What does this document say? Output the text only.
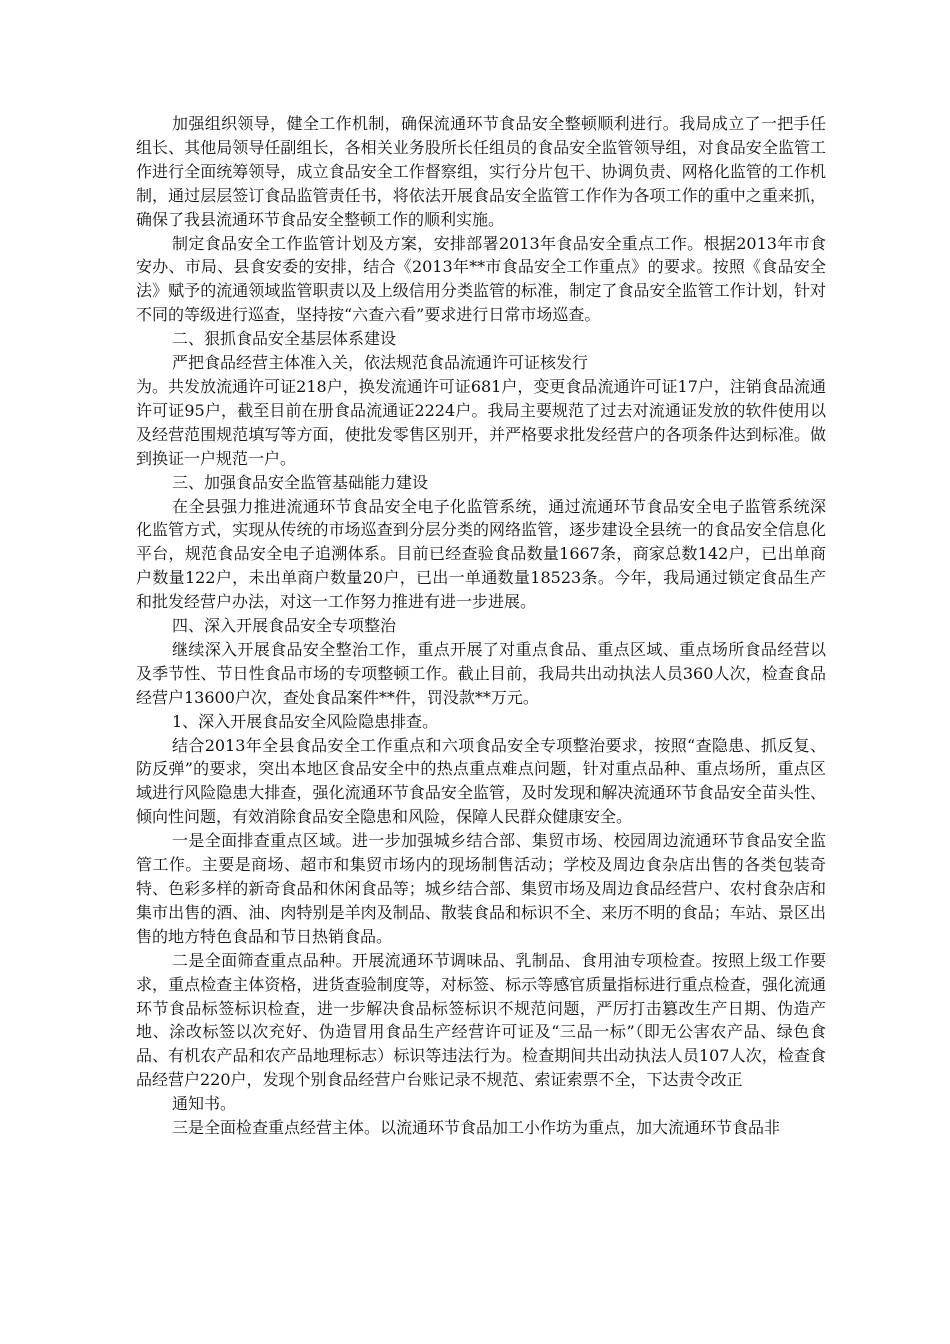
加强组织领导，健全工作机制，确保流通环节食品安全整顿顺利进行。我局成立了一把手任组长、其他局领导任副组长，各相关业务股所长任组员的食品安全监管领导组，对食品安全监管工作进行全面统筹领导，成立食品安全工作督察组，实行分片包干、协调负责、网格化监管的工作机制，通过层层签订食品监管责任书，将依法开展食品安全监管工作作为各项工作的重中之重来抓，确保了我县流通环节食品安全整顿工作的顺利实施。

制定食品安全工作监管计划及方案，安排部署2013年食品安全重点工作。根据2013年市食安办、市局、县食安委的安排，结合《2013年**市食品安全工作重点》的要求。按照《食品安全法》赋予的流通领域监管职责以及上级信用分类监管的标准，制定了食品安全监管工作计划，针对不同的等级进行巡查，坚持按“六查六看”要求进行日常市场巡查。

二、狠抓食品安全基层体系建设

严把食品经营主体准入关，依法规范食品流通许可证核发行

为。共发放流通许可证218户，换发流通许可证681户，变更食品流通许可证17户，注销食品流通许可证95户，截至目前在册食品流通证2224户。我局主要规范了过去对流通证发放的软件使用以及经营范围规范填写等方面，使批发零售区别开，并严格要求批发经营户的各项条件达到标准。做到换证一户规范一户。

三、加强食品安全监管基础能力建设

在全县强力推进流通环节食品安全电子化监管系统，通过流通环节食品安全电子监管系统深化监管方式，实现从传统的市场巡查到分层分类的网络监管，逐步建设全县统一的食品安全信息化平台，规范食品安全电子追溯体系。目前已经查验食品数量1667条，商家总数142户，已出单商户数量122户，未出单商户数量20户，已出一单通数量18523条。今年，我局通过锁定食品生产和批发经营户办法，对这一工作努力推进有进一步进展。

四、深入开展食品安全专项整治

继续深入开展食品安全整治工作，重点开展了对重点食品、重点区域、重点场所食品经营以及季节性、节日性食品市场的专项整顿工作。截止目前，我局共出动执法人员360人次，检查食品经营户13600户次，查处食品案件**件，罚没款**万元。

1、深入开展食品安全风险隐患排查。

结合2013年全县食品安全工作重点和六项食品安全专项整治要求，按照“查隐患、抓反复、防反弹”的要求，突出本地区食品安全中的热点重点难点问题，针对重点品种、重点场所，重点区域进行风险隐患大排查，强化流通环节食品安全监管，及时发现和解决流通环节食品安全苗头性、倾向性问题，有效消除食品安全隐患和风险，保障人民群众健康安全。

一是全面排查重点区域。进一步加强城乡结合部、集贸市场、校园周边流通环节食品安全监管工作。主要是商场、超市和集贸市场内的现场制售活动；学校及周边食杂店出售的各类包装奇特、色彩多样的新奇食品和休闲食品等；城乡结合部、集贸市场及周边食品经营户、农村食杂店和集市出售的酒、油、肉特别是羊肉及制品、散装食品和标识不全、来历不明的食品；车站、景区出售的地方特色食品和节日热销食品。

二是全面筛查重点品种。开展流通环节调味品、乳制品、食用油专项检查。按照上级工作要求，重点检查主体资格，进货查验制度等，对标签、标示等感官质量指标进行重点检查，强化流通环节食品标签标识检查，进一步解决食品标签标识不规范问题，严厉打击篡改生产日期、伪造产地、涂改标签以次充好、伪造冒用食品生产经营许可证及“三品一标”（即无公害农产品、绿色食品、有机农产品和农产品地理标志）标识等违法行为。检查期间共出动执法人员107人次，检查食品经营户220户，发现个别食品经营户台账记录不规范、索证索票不全，下达责令改正

通知书。

三是全面检查重点经营主体。以流通环节食品加工小作坊为重点，加大流通环节食品非
